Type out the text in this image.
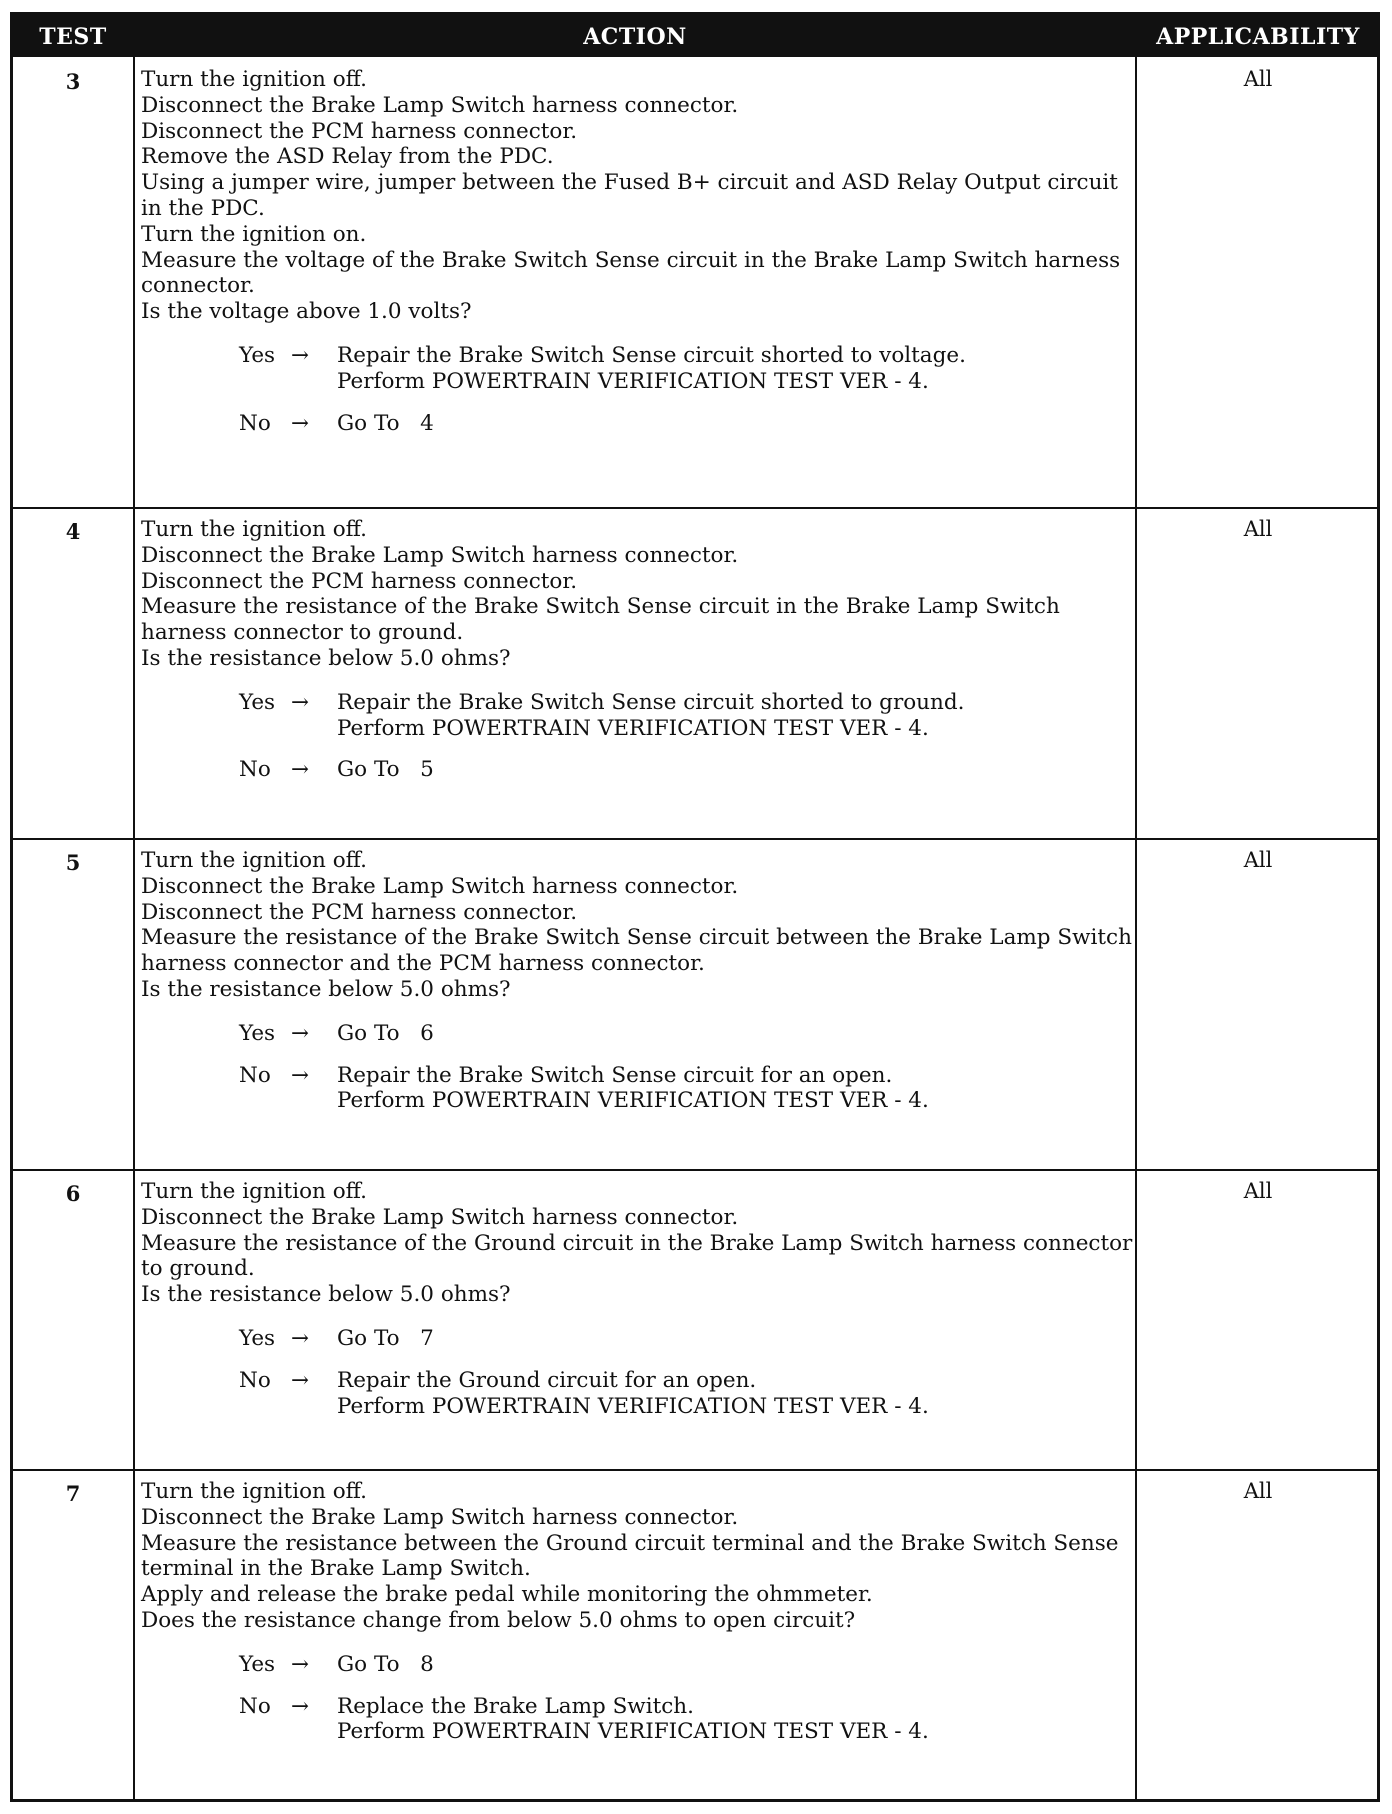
TEST	ACTION	APPLICABILITY
3	Turn the ignition off.
Disconnect the Brake Lamp Switch harness connector.
Disconnect the PCM harness connector.
Remove the ASD Relay from the PDC.
Using a jumper wire, jumper between the Fused B+ circuit and ASD Relay Output circuit in the PDC.
Turn the ignition on.
Measure the voltage of the Brake Switch Sense circuit in the Brake Lamp Switch harness connector.
Is the voltage above 1.0 volts?
Yes → Repair the Brake Switch Sense circuit shorted to voltage.
Perform POWERTRAIN VERIFICATION TEST VER - 4.
No → Go To   4
All
4	Turn the ignition off.
Disconnect the Brake Lamp Switch harness connector.
Disconnect the PCM harness connector.
Measure the resistance of the Brake Switch Sense circuit in the Brake Lamp Switch harness connector to ground.
Is the resistance below 5.0 ohms?
Yes → Repair the Brake Switch Sense circuit shorted to ground.
Perform POWERTRAIN VERIFICATION TEST VER - 4.
No → Go To   5
All
5	Turn the ignition off.
Disconnect the Brake Lamp Switch harness connector.
Disconnect the PCM harness connector.
Measure the resistance of the Brake Switch Sense circuit between the Brake Lamp Switch harness connector and the PCM harness connector.
Is the resistance below 5.0 ohms?
Yes → Go To   6
No → Repair the Brake Switch Sense circuit for an open.
Perform POWERTRAIN VERIFICATION TEST VER - 4.
All
6	Turn the ignition off.
Disconnect the Brake Lamp Switch harness connector.
Measure the resistance of the Ground circuit in the Brake Lamp Switch harness connector to ground.
Is the resistance below 5.0 ohms?
Yes → Go To   7
No → Repair the Ground circuit for an open.
Perform POWERTRAIN VERIFICATION TEST VER - 4.
All
7	Turn the ignition off.
Disconnect the Brake Lamp Switch harness connector.
Measure the resistance between the Ground circuit terminal and the Brake Switch Sense terminal in the Brake Lamp Switch.
Apply and release the brake pedal while monitoring the ohmmeter.
Does the resistance change from below 5.0 ohms to open circuit?
Yes → Go To   8
No → Replace the Brake Lamp Switch.
Perform POWERTRAIN VERIFICATION TEST VER - 4.
All
